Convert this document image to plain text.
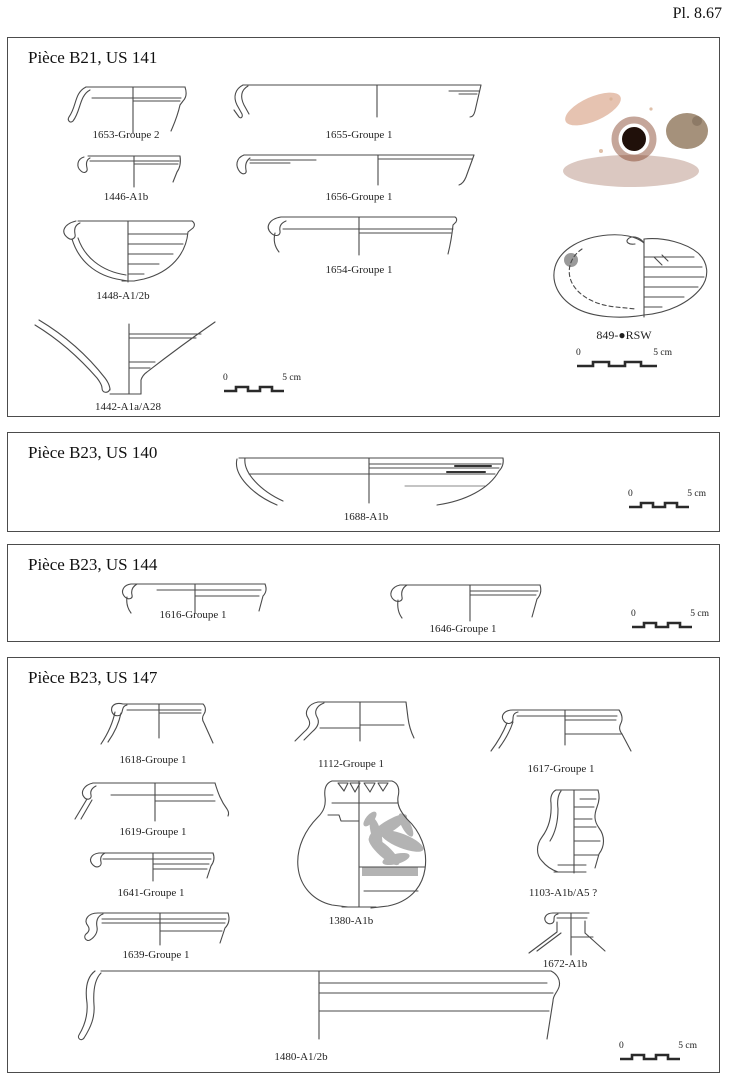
Pl. 8.67
Pièce B21, US 141
1653-Groupe 2
1446-A1b
1448-A1/2b
1442-A1a/A28
1655-Groupe 1
1656-Groupe 1
1654-Groupe 1
849-●RSW
0	5 cm
0	5 cm
Pièce B23, US 140
1688-A1b
0	5 cm
Pièce B23, US 144
1616-Groupe 1
1646-Groupe 1
0	5 cm
Pièce B23, US 147
1618-Groupe 1	1112-Groupe 1	1617-Groupe 1
1619-Groupe 1
1380-A1b
1103-A1b/A5 ?
1641-Groupe 1
1639-Groupe 1
1672-A1b
1480-A1/2b
0	5 cm
